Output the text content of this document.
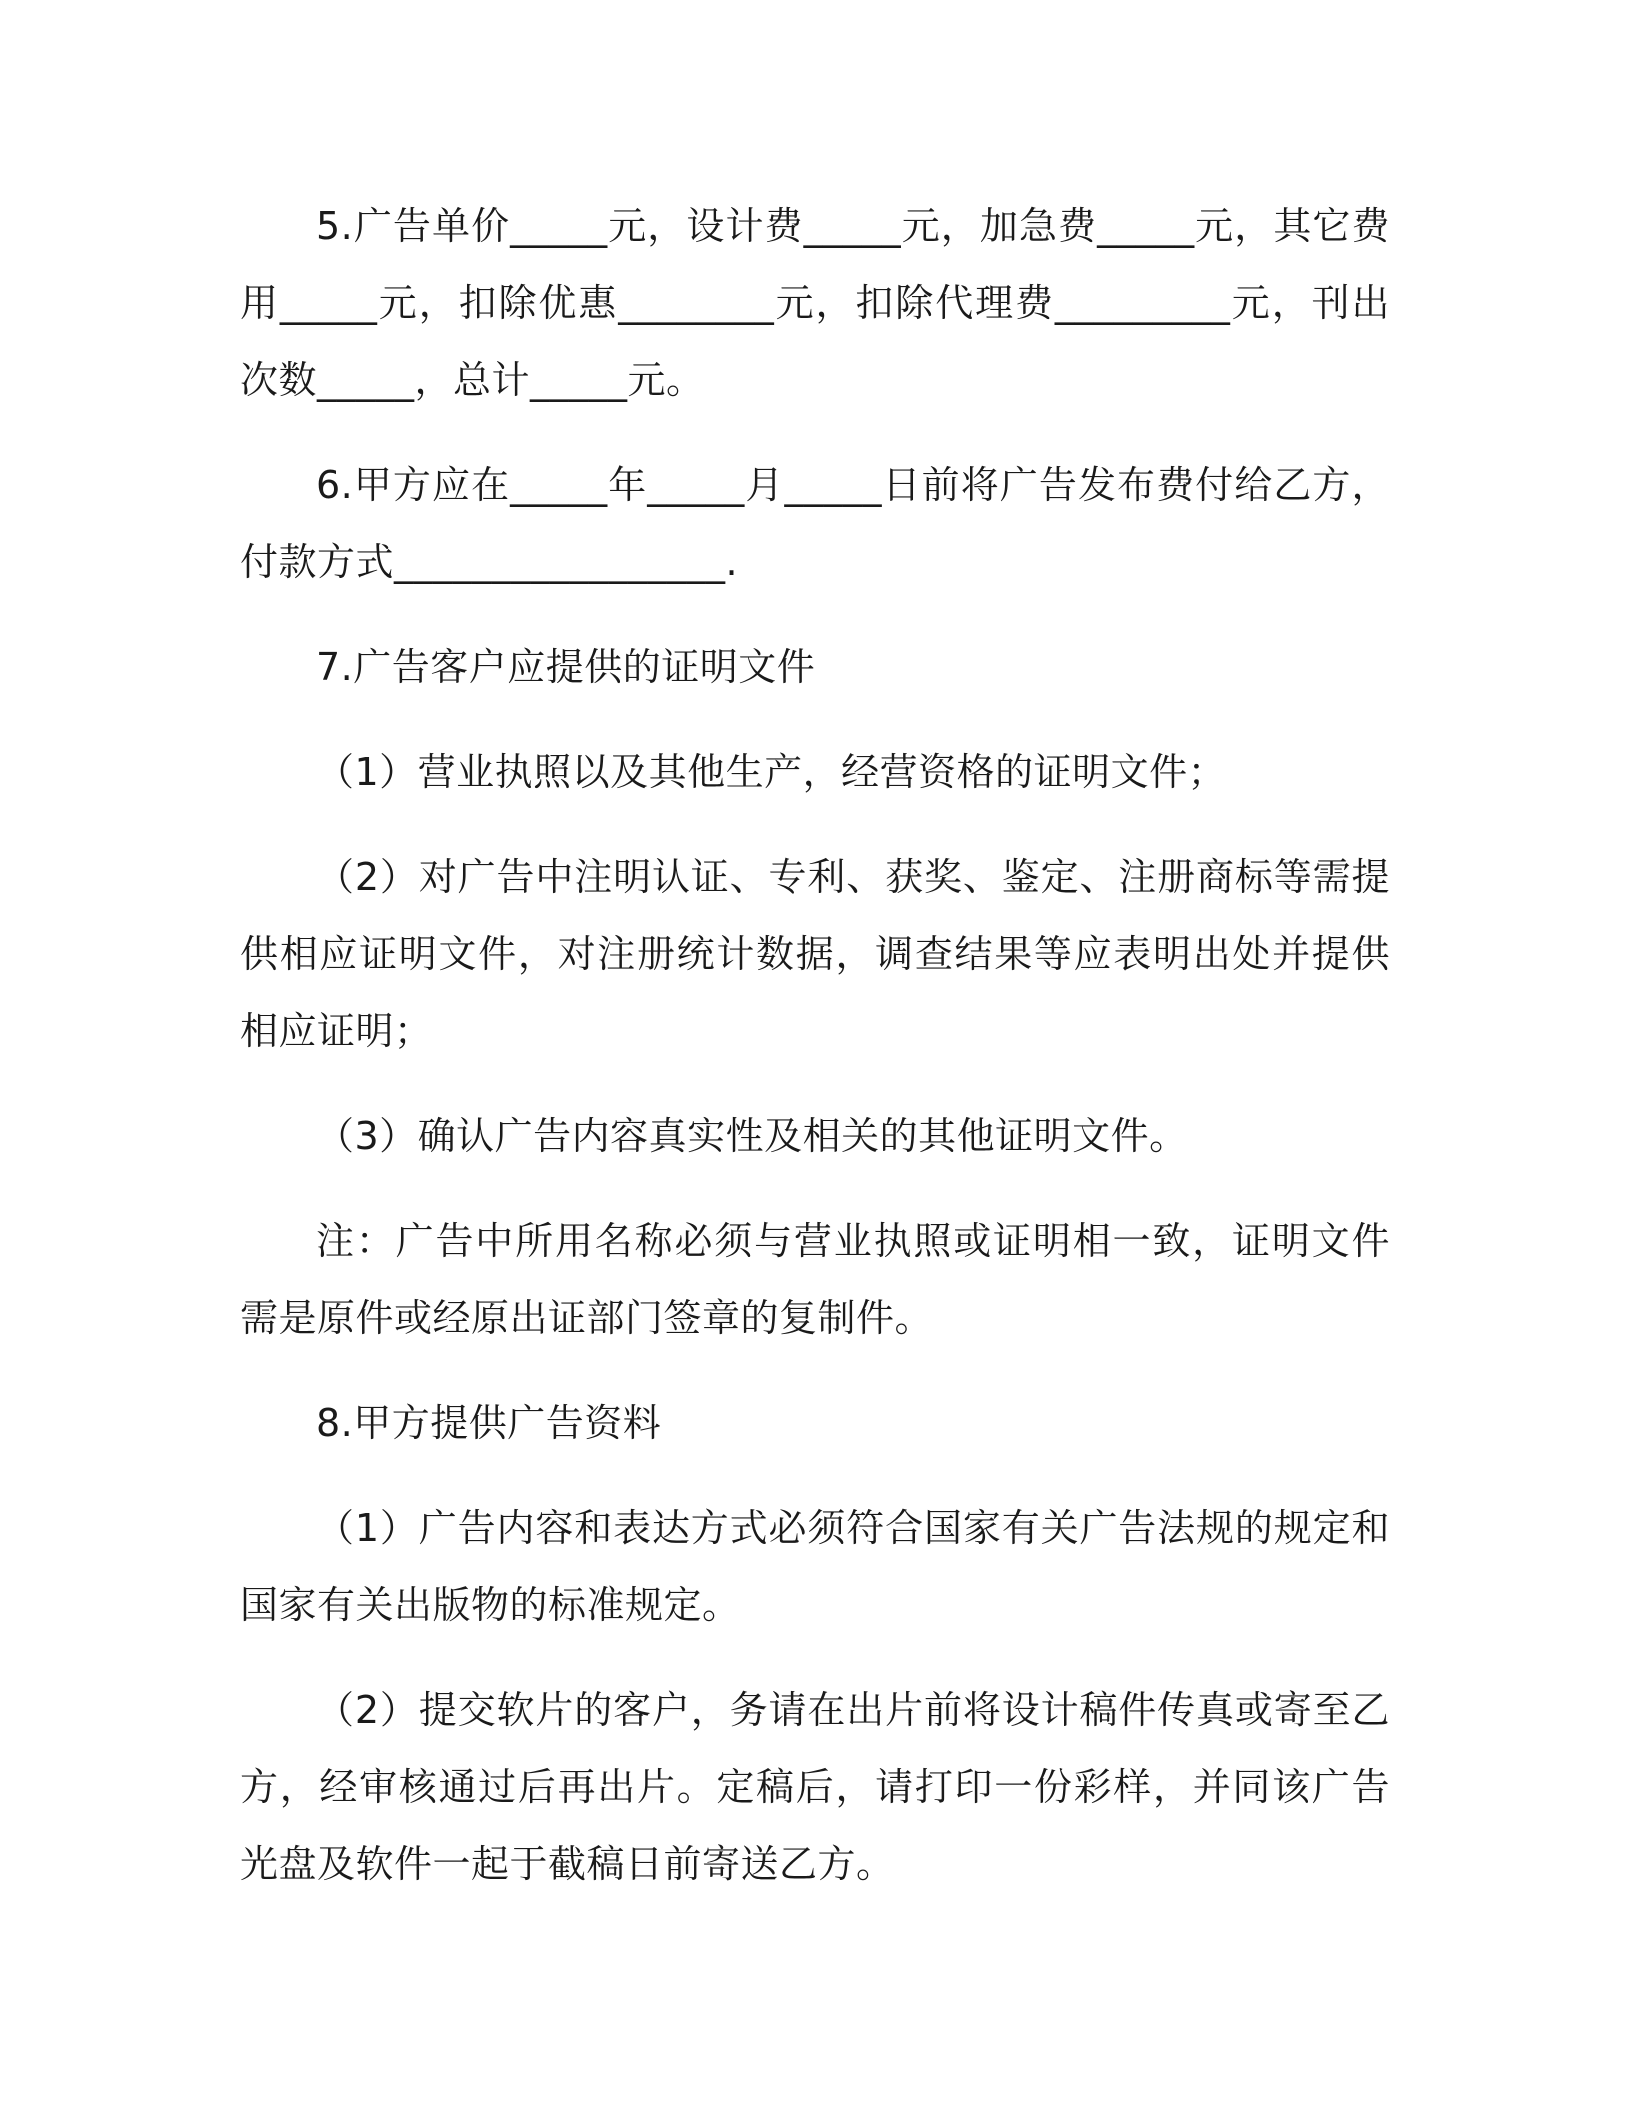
5.广告单价_____元，设计费_____元，加急费_____元，其它费用_____元，扣除优惠________元，扣除代理费_________元，刊出次数_____，总计_____元。

6.甲方应在_____年_____月_____日前将广告发布费付给乙方，付款方式_________________.

7.广告客户应提供的证明文件

（1）营业执照以及其他生产，经营资格的证明文件；

（2）对广告中注明认证、专利、获奖、鉴定、注册商标等需提供相应证明文件，对注册统计数据，调查结果等应表明出处并提供相应证明；

（3）确认广告内容真实性及相关的其他证明文件。

注：广告中所用名称必须与营业执照或证明相一致，证明文件需是原件或经原出证部门签章的复制件。

8.甲方提供广告资料

（1）广告内容和表达方式必须符合国家有关广告法规的规定和国家有关出版物的标准规定。

（2）提交软片的客户，务请在出片前将设计稿件传真或寄至乙方，经审核通过后再出片。定稿后，请打印一份彩样，并同该广告光盘及软件一起于截稿日前寄送乙方。
